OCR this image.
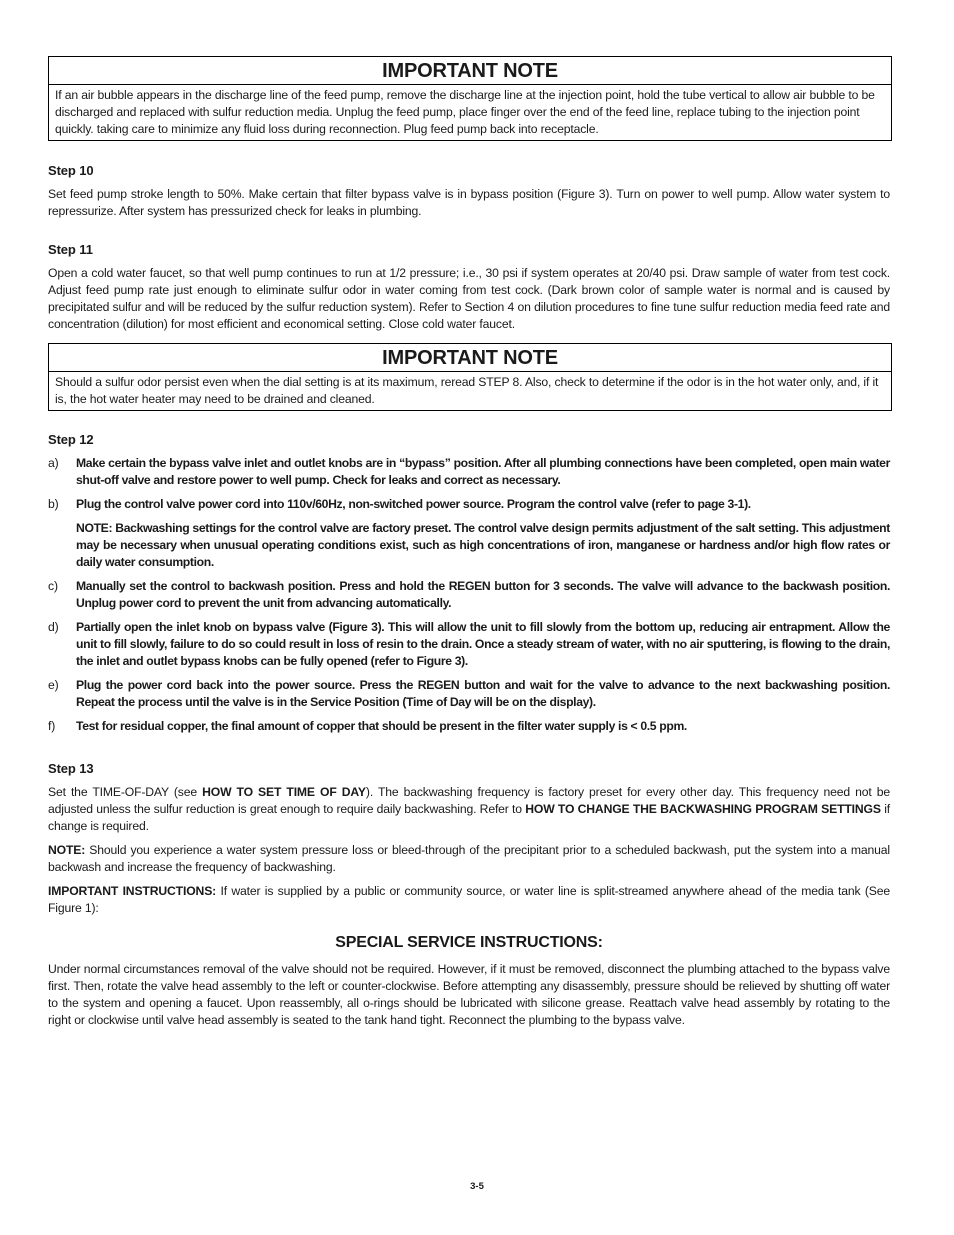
IMPORTANT NOTE
If an air bubble appears in the discharge line of the feed pump, remove the discharge line at the injection point, hold the tube vertical to allow air bubble to be discharged and replaced with sulfur reduction media. Unplug the feed pump, place finger over the end of the feed line, replace tubing to the injection point quickly. taking care to minimize any fluid loss during reconnection. Plug feed pump back into receptacle.
Step 10
Set feed pump stroke length to 50%. Make certain that filter bypass valve is in bypass position (Figure 3). Turn on power to well pump. Allow water system to repressurize. After system has pressurized check for leaks in plumbing.
Step 11
Open a cold water faucet, so that well pump continues to run at 1/2 pressure; i.e., 30 psi if system operates at 20/40 psi. Draw sample of water from test cock. Adjust feed pump rate just enough to eliminate sulfur odor in water coming from test cock. (Dark brown color of sample water is normal and is caused by precipitated sulfur and will be reduced by the sulfur reduction system). Refer to Section 4 on dilution procedures to fine tune sulfur reduction media feed rate and concentration (dilution) for most efficient and economical setting. Close cold water faucet.
IMPORTANT NOTE
Should a sulfur odor persist even when the dial setting is at its maximum, reread STEP 8. Also, check to determine if the odor is in the hot water only, and, if it is, the hot water heater may need to be drained and cleaned.
Step 12
a)	Make certain the bypass valve inlet and outlet knobs are in “bypass” position. After all plumbing connections have been completed, open main water shut-off valve and restore power to well pump. Check for leaks and correct as necessary.
b)	Plug the control valve power cord into 110v/60Hz, non-switched power source. Program the control valve (refer to page 3-1).
NOTE: Backwashing settings for the control valve are factory preset. The control valve design permits adjustment of the salt setting. This adjustment may be necessary when unusual operating conditions exist, such as high concentrations of iron, manganese or hardness and/or high flow rates or daily water consumption.
c)	Manually set the control to backwash position. Press and hold the REGEN button for 3 seconds. The valve will advance to the backwash position. Unplug power cord to prevent the unit from advancing automatically.
d)	Partially open the inlet knob on bypass valve (Figure 3). This will allow the unit to fill slowly from the bottom up, reducing air entrapment. Allow the unit to fill slowly, failure to do so could result in loss of resin to the drain. Once a steady stream of water, with no air sputtering, is flowing to the drain, the inlet and outlet bypass knobs can be fully opened (refer to Figure 3).
e)	Plug the power cord back into the power source. Press the REGEN button and wait for the valve to advance to the next backwashing position. Repeat the process until the valve is in the Service Position (Time of Day will be on the display).
f)	Test for residual copper, the final amount of copper that should be present in the filter water supply is < 0.5 ppm.
Step 13
Set the TIME-OF-DAY (see HOW TO SET TIME OF DAY). The backwashing frequency is factory preset for every other day. This frequency need not be adjusted unless the sulfur reduction is great enough to require daily backwashing. Refer to HOW TO CHANGE THE BACKWASHING PROGRAM SETTINGS if change is required.
NOTE: Should you experience a water system pressure loss or bleed-through of the precipitant prior to a scheduled backwash, put the system into a manual backwash and increase the frequency of backwashing.
IMPORTANT INSTRUCTIONS: If water is supplied by a public or community source, or water line is split-streamed anywhere ahead of the media tank (See Figure 1):
SPECIAL SERVICE INSTRUCTIONS:
Under normal circumstances removal of the valve should not be required. However, if it must be removed, disconnect the plumbing attached to the bypass valve first. Then, rotate the valve head assembly to the left or counter-clockwise. Before attempting any disassembly, pressure should be relieved by shutting off water to the system and opening a faucet. Upon reassembly, all o-rings should be lubricated with silicone grease. Reattach valve head assembly by rotating to the right or clockwise until valve head assembly is seated to the tank hand tight. Reconnect the plumbing to the bypass valve.
3-5
